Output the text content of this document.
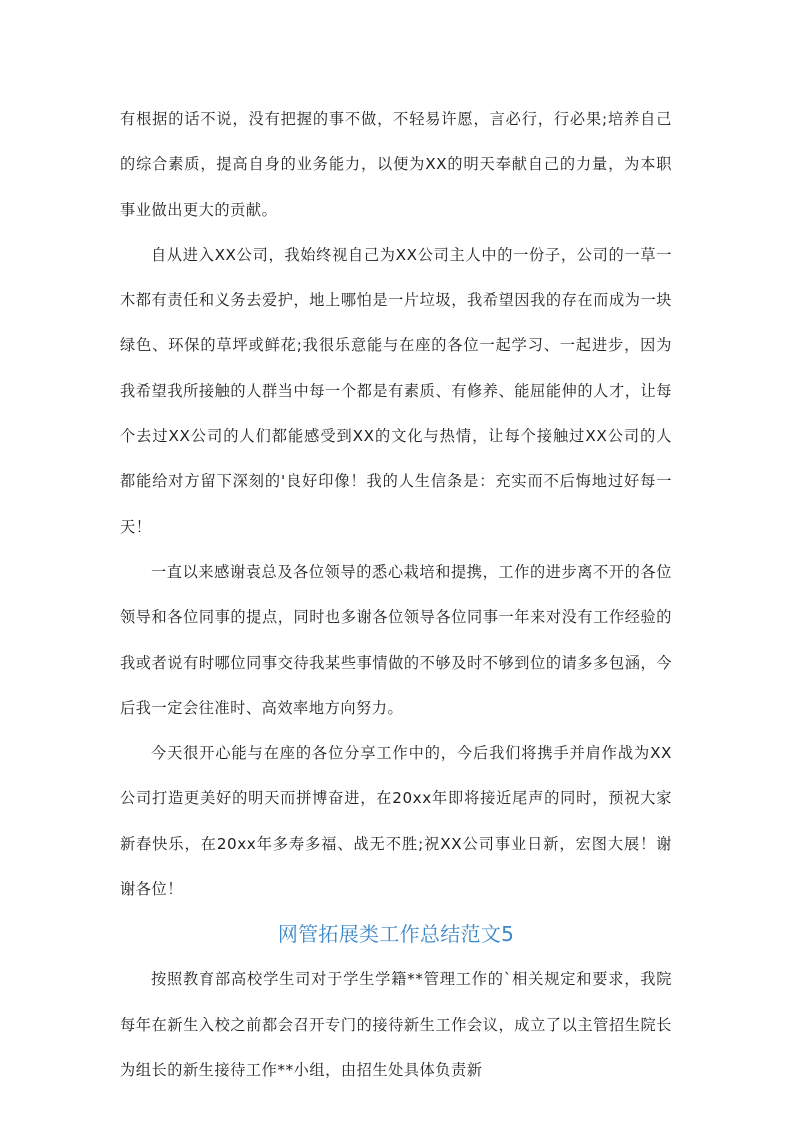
有根据的话不说，没有把握的事不做，不轻易许愿，言必行，行必果;培养自己的综合素质，提高自身的业务能力，以便为XX的明天奉献自己的力量，为本职事业做出更大的贡献。

自从进入XX公司，我始终视自己为XX公司主人中的一份子，公司的一草一木都有责任和义务去爱护，地上哪怕是一片垃圾，我希望因我的存在而成为一块绿色、环保的草坪或鲜花;我很乐意能与在座的各位一起学习、一起进步，因为我希望我所接触的人群当中每一个都是有素质、有修养、能屈能伸的人才，让每个去过XX公司的人们都能感受到XX的文化与热情，让每个接触过XX公司的人都能给对方留下深刻的'良好印像！我的人生信条是：充实而不后悔地过好每一天！

一直以来感谢袁总及各位领导的悉心栽培和提携，工作的进步离不开的各位领导和各位同事的提点，同时也多谢各位领导各位同事一年来对没有工作经验的我或者说有时哪位同事交待我某些事情做的不够及时不够到位的请多多包涵，今后我一定会往准时、高效率地方向努力。

今天很开心能与在座的各位分享工作中的，今后我们将携手并肩作战为XX公司打造更美好的明天而拼博奋进，在20xx年即将接近尾声的同时，预祝大家新春快乐，在20xx年多寿多福、战无不胜;祝XX公司事业日新，宏图大展！谢谢各位！

网管拓展类工作总结范文5

按照教育部高校学生司对于学生学籍**管理工作的`相关规定和要求，我院每年在新生入校之前都会召开专门的接待新生工作会议，成立了以主管招生院长为组长的新生接待工作**小组，由招生处具体负责新
